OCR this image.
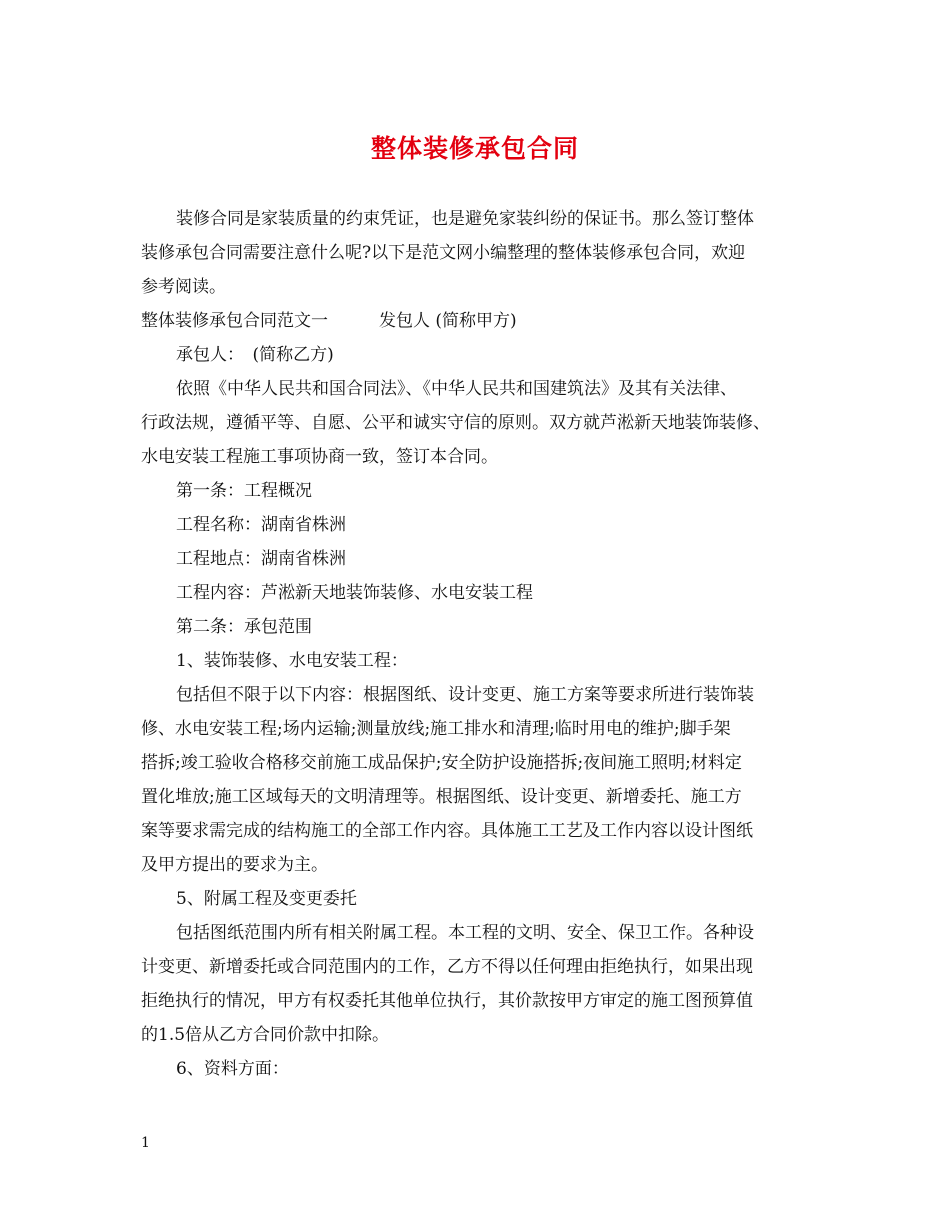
整体装修承包合同
装修合同是家装质量的约束凭证，也是避免家装纠纷的保证书。那么签订整体
装修承包合同需要注意什么呢?以下是范文网小编整理的整体装修承包合同，欢迎
参考阅读。
整体装修承包合同范文一　　　发包人 (简称甲方)
承包人：　(简称乙方)
依照《中华人民共和国合同法》、《中华人民共和国建筑法》及其有关法律、
行政法规，遵循平等、自愿、公平和诚实守信的原则。双方就芦淞新天地装饰装修、
水电安装工程施工事项协商一致，签订本合同。
第一条：工程概况
工程名称：湖南省株洲
工程地点：湖南省株洲
工程内容：芦淞新天地装饰装修、水电安装工程
第二条：承包范围
1、装饰装修、水电安装工程：
包括但不限于以下内容：根据图纸、设计变更、施工方案等要求所进行装饰装
修、水电安装工程;场内运输;测量放线;施工排水和清理;临时用电的维护;脚手架
搭拆;竣工验收合格移交前施工成品保护;安全防护设施搭拆;夜间施工照明;材料定
置化堆放;施工区域每天的文明清理等。根据图纸、设计变更、新增委托、施工方
案等要求需完成的结构施工的全部工作内容。具体施工工艺及工作内容以设计图纸
及甲方提出的要求为主。
5、附属工程及变更委托
包括图纸范围内所有相关附属工程。本工程的文明、安全、保卫工作。各种设
计变更、新增委托或合同范围内的工作，乙方不得以任何理由拒绝执行，如果出现
拒绝执行的情况，甲方有权委托其他单位执行，其价款按甲方审定的施工图预算值
的1.5倍从乙方合同价款中扣除。
6、资料方面：
1
